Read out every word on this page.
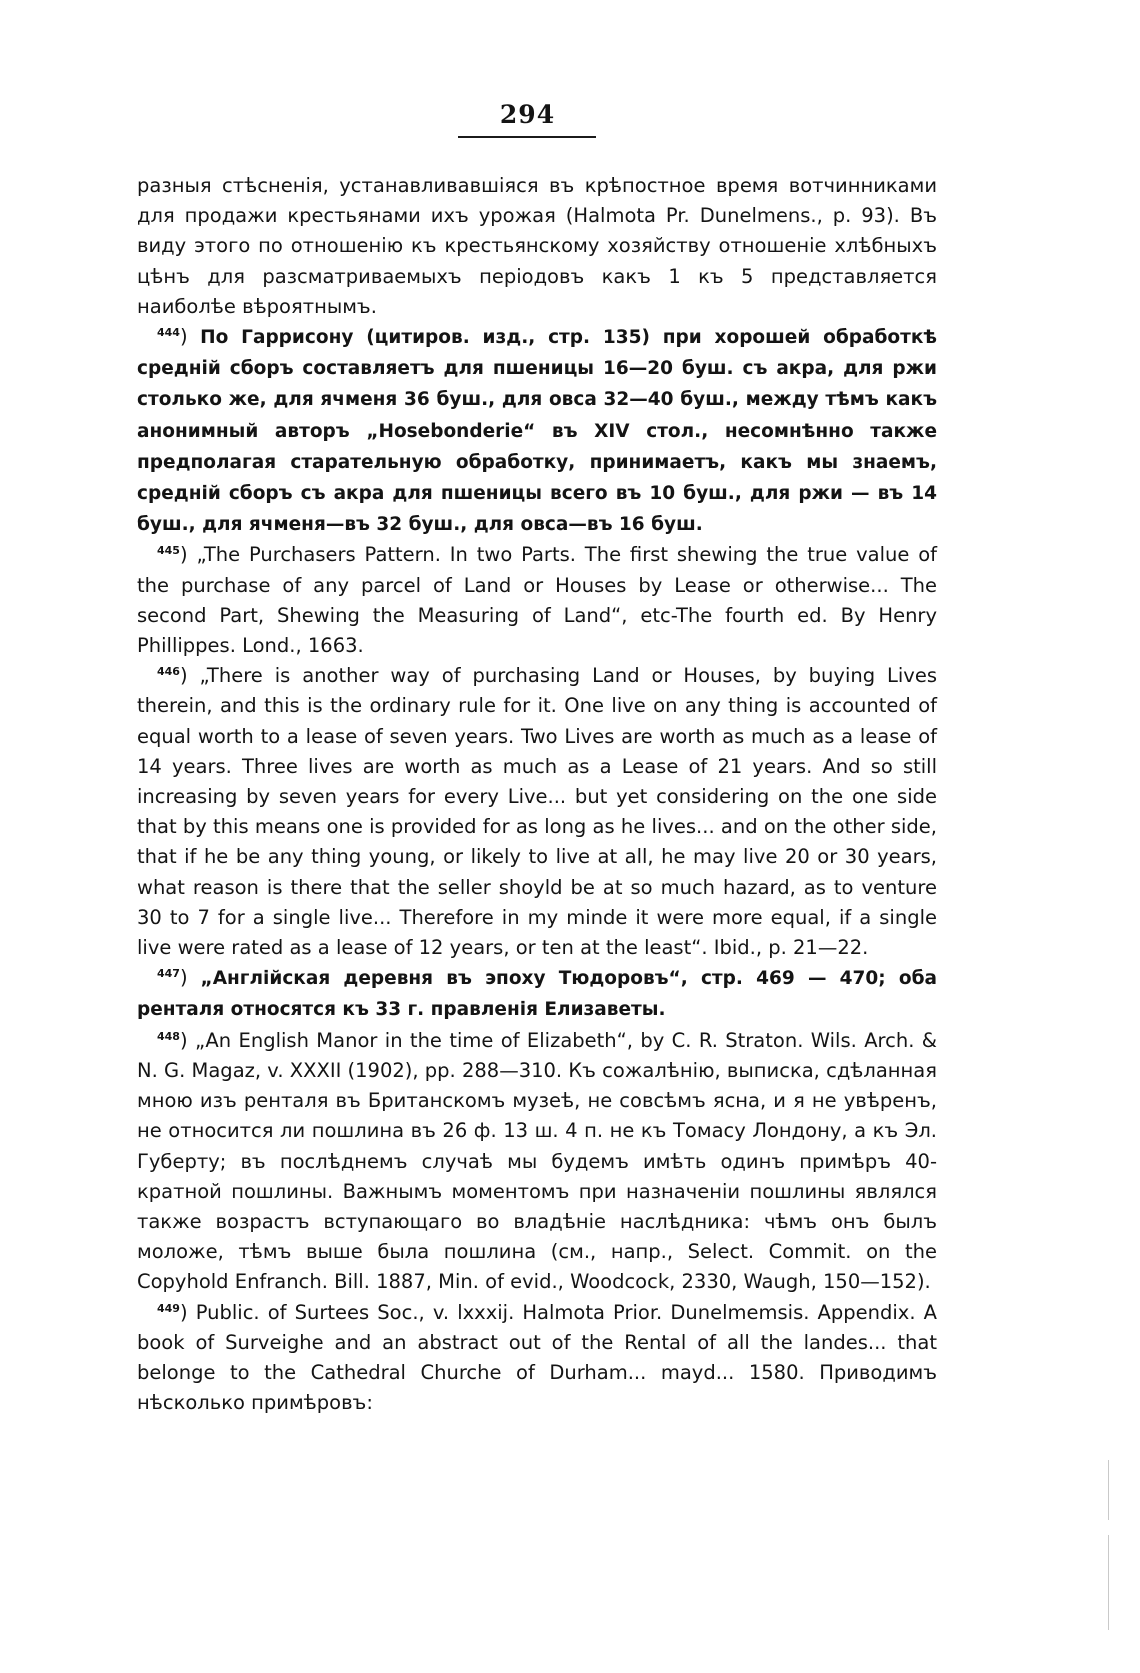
294

разныя стѣсненія, устанавливавшіяся въ крѣпостное время вотчинниками для продажи крестьянами ихъ урожая (Halmota Pr. Dunelmens., p. 93). Въ виду этого по отношенію къ крестьянскому хозяйству отношеніе хлѣбныхъ цѣнъ для разсматриваемыхъ періодовъ какъ 1 къ 5 представляется наиболѣе вѣроятнымъ.

$^{444}$) По Гаррисону (цитиров. изд., стр. 135) при хорошей обработкѣ среднiй сборъ составляетъ для пшеницы 16—20 буш. съ акра, для ржи столько же, для ячменя 36 буш., для овса 32—40 буш., между тѣмъ какъ анонимный авторъ „Hosebonderie“ въ XIV стол., несомнѣнно также предполагая старательную обработку, принимаетъ, какъ мы знаемъ, средній сборъ съ акра для пшеницы всего въ 10 буш., для ржи — въ 14 буш., для ячменя—въ 32 буш., для овса—въ 16 буш.

$^{445}$) „The Purchasers Pattern. In two Parts. The first shewing the true value of the purchase of any parcel of Land or Houses by Lease or otherwise... The second Part, Shewing the Measuring of Land“, etc-The fourth ed. By Henry Phillippes. Lond., 1663.

$^{446}$) „There is another way of purchasing Land or Houses, by buying Lives therein, and this is the ordinary rule for it. One live on any thing is accounted of equal worth to a lease of seven years. Two Lives are worth as much as a lease of 14 years. Three lives are worth as much as a Lease of 21 years. And so still increasing by seven years for every Live... but yet considering on the one side that by this means one is provided for as long as he lives... and on the other side, that if he be any thing young, or likely to live at all, he may live 20 or 30 years, what reason is there that the seller shoyld be at so much hazard, as to venture 30 to 7 for a single live... Therefore in my minde it were more equal, if a single live were rated as a lease of 12 years, or ten at the least“. Ibid., p. 21—22.

$^{447}$) „Англійская деревня въ эпоху Тюдоровъ“, стр. 469 — 470; оба ренталя относятся къ 33 г. правленія Елизаветы.

$^{448}$) „An English Manor in the time of Elizabeth“, by C. R. Straton. Wils. Arch. & N. G. Magaz, v. XXXII (1902), pp. 288—310. Къ сожалѣнію, выписка, сдѣланная мною изъ ренталя въ Британскомъ музеѣ, не совсѣмъ ясна, и я не увѣренъ, не относится ли пошлина въ 26 ф. 13 ш. 4 п. не къ Томасу Лондону, а къ Эл. Губерту; въ послѣднемъ случаѣ мы будемъ имѣть одинъ примѣръ 40-кратной пошлины. Важнымъ моментомъ при назначеніи пошлины являлся также возрастъ вступающаго во владѣніе наслѣдника: чѣмъ онъ былъ моложе, тѣмъ выше была пошлина (см., напр., Select. Commit. on the Copyhold Enfranch. Bill. 1887, Min. of evid., Woodcock, 2330, Waugh, 150—152).

$^{449}$) Public. of Surtees Soc., v. lxxxij. Halmota Prior. Dunelmemsis. Appendix. A book of Surveighe and an abstract out of the Rental of all the landes... that belonge to the Cathedral Churche of Durham... mayd... 1580. Приводимъ нѣсколько примѣровъ:
